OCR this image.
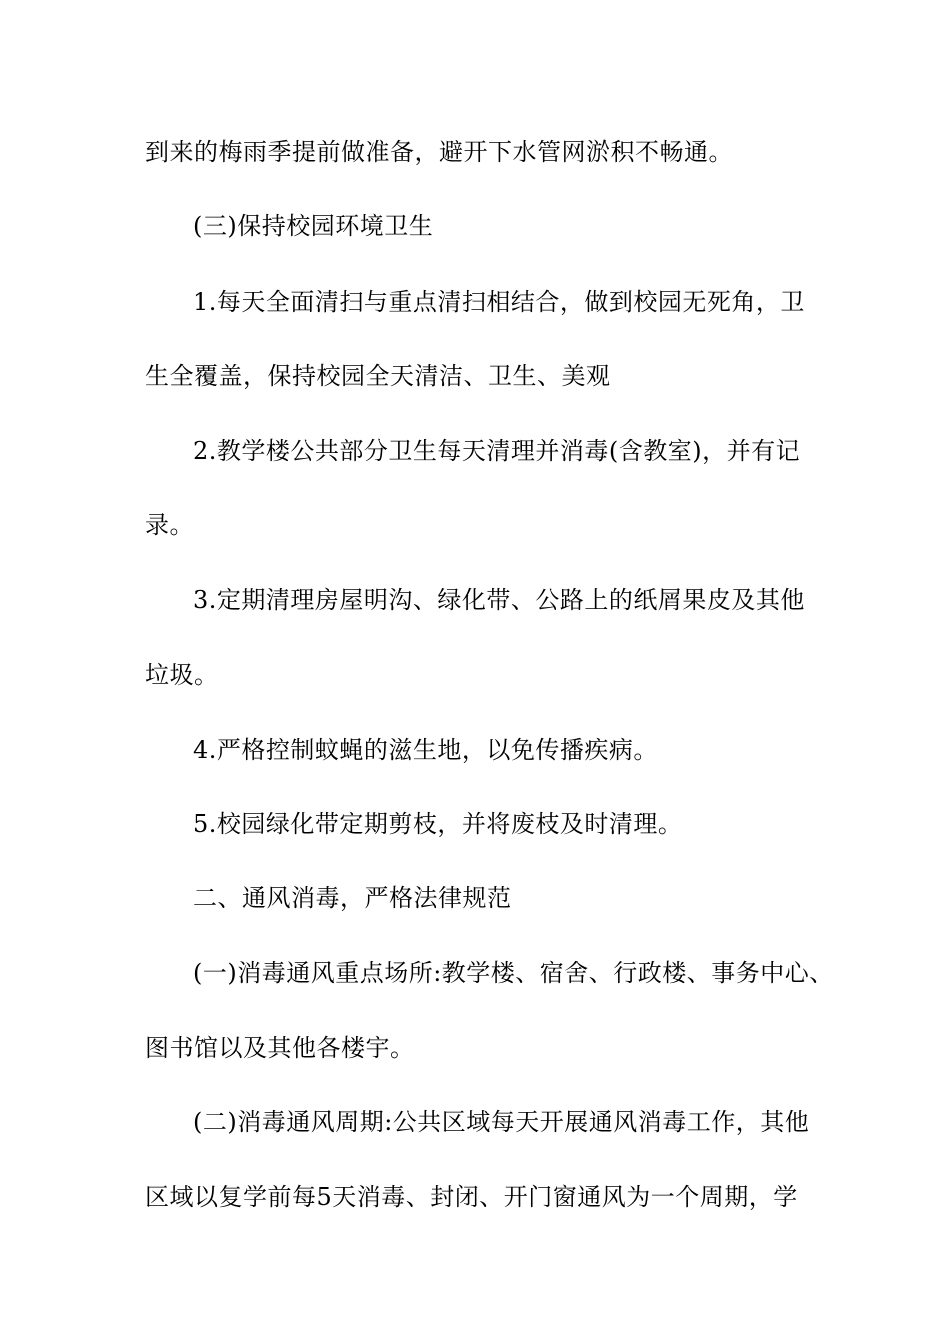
到来的梅雨季提前做准备，避开下水管网淤积不畅通。
(三)保持校园环境卫生
1.每天全面清扫与重点清扫相结合，做到校园无死角，卫
生全覆盖，保持校园全天清洁、卫生、美观
2.教学楼公共部分卫生每天清理并消毒(含教室)，并有记
录。
3.定期清理房屋明沟、绿化带、公路上的纸屑果皮及其他
垃圾。
4.严格控制蚊蝇的滋生地，以免传播疾病。
5.校园绿化带定期剪枝，并将废枝及时清理。
二、通风消毒，严格法律规范
(一)消毒通风重点场所:教学楼、宿舍、行政楼、事务中心、
图书馆以及其他各楼宇。
(二)消毒通风周期:公共区域每天开展通风消毒工作，其他
区域以复学前每5天消毒、封闭、开门窗通风为一个周期，学
